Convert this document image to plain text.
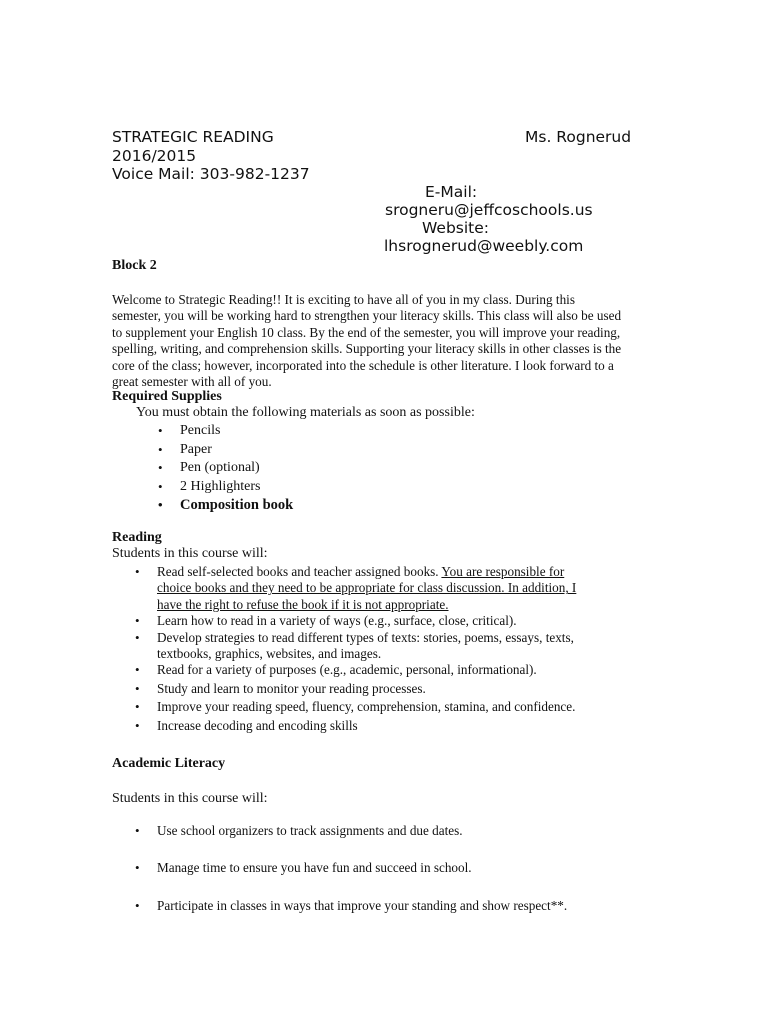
STRATEGIC READING	Ms. Rognerud
2016/2015
Voice Mail: 303-982-1237
E-Mail:
srogneru@jeffcoschools.us
Website:
lhsrognerud@weebly.com
Block 2
Welcome to Strategic Reading!! It is exciting to have all of you in my class. During this
semester, you will be working hard to strengthen your literacy skills. This class will also be used
to supplement your English 10 class. By the end of the semester, you will improve your reading,
spelling, writing, and comprehension skills. Supporting your literacy skills in other classes is the
core of the class; however, incorporated into the schedule is other literature. I look forward to a
great semester with all of you.
Required Supplies
You must obtain the following materials as soon as possible:
• Pencils
• Paper
• Pen (optional)
• 2 Highlighters
• Composition book
Reading
Students in this course will:
• Read self-selected books and teacher assigned books. You are responsible for
choice books and they need to be appropriate for class discussion. In addition, I
have the right to refuse the book if it is not appropriate.
• Learn how to read in a variety of ways (e.g., surface, close, critical).
• Develop strategies to read different types of texts: stories, poems, essays, texts,
textbooks, graphics, websites, and images.
• Read for a variety of purposes (e.g., academic, personal, informational).
• Study and learn to monitor your reading processes.
• Improve your reading speed, fluency, comprehension, stamina, and confidence.
• Increase decoding and encoding skills
Academic Literacy
Students in this course will:
• Use school organizers to track assignments and due dates.
• Manage time to ensure you have fun and succeed in school.
• Participate in classes in ways that improve your standing and show respect**.
